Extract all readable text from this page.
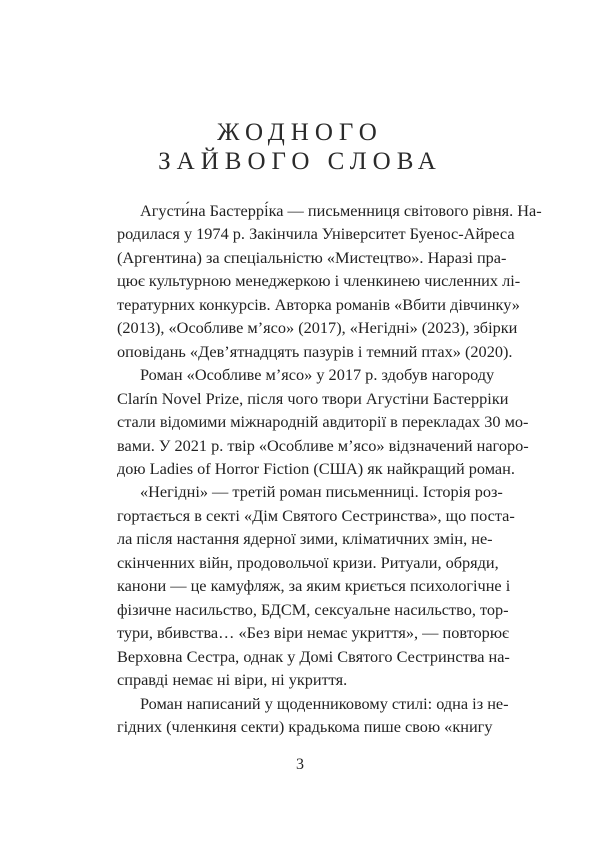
ЖОДНОГО
ЗАЙВОГО СЛОВА
Агусти́на Бастеррі́ка — письменниця світового рівня. На-
родилася у 1974 р. Закінчила Університет Буенос-Айреса
(Аргентина) за спеціальністю «Мистецтво». Наразі пра-
цює культурною менеджеркою і членкинею численних лі-
тературних конкурсів. Авторка романів «Вбити дівчинку»
(2013), «Особливе м’ясо» (2017), «Негідні» (2023), збірки
оповідань «Дев’ятнадцять пазурів і темний птах» (2020).
Роман «Особливе м’ясо» у 2017 р. здобув нагороду
Clarín Novel Prize, після чого твори Агустіни Бастерріки
стали відомими міжнародній авдиторії в перекладах 30 мо-
вами. У 2021 р. твір «Особливе м’ясо» відзначений нагоро-
дою Ladies of Horror Fiction (США) як найкращий роман.
«Негідні» — третій роман письменниці. Історія роз-
гортається в секті «Дім Святого Сестринства», що поста-
ла після настання ядерної зими, кліматичних змін, не-
скінченних війн, продовольчої кризи. Ритуали, обряди,
канони — це камуфляж, за яким криється психологічне і
фізичне насильство, БДСМ, сексуальне насильство, тор-
тури, вбивства… «Без віри немає укриття», — повторює
Верховна Сестра, однак у Домі Святого Сестринства на-
справді немає ні віри, ні укриття.
Роман написаний у щоденниковому стилі: одна із не-
гідних (членкиня секти) крадькома пише свою «книгу
3
